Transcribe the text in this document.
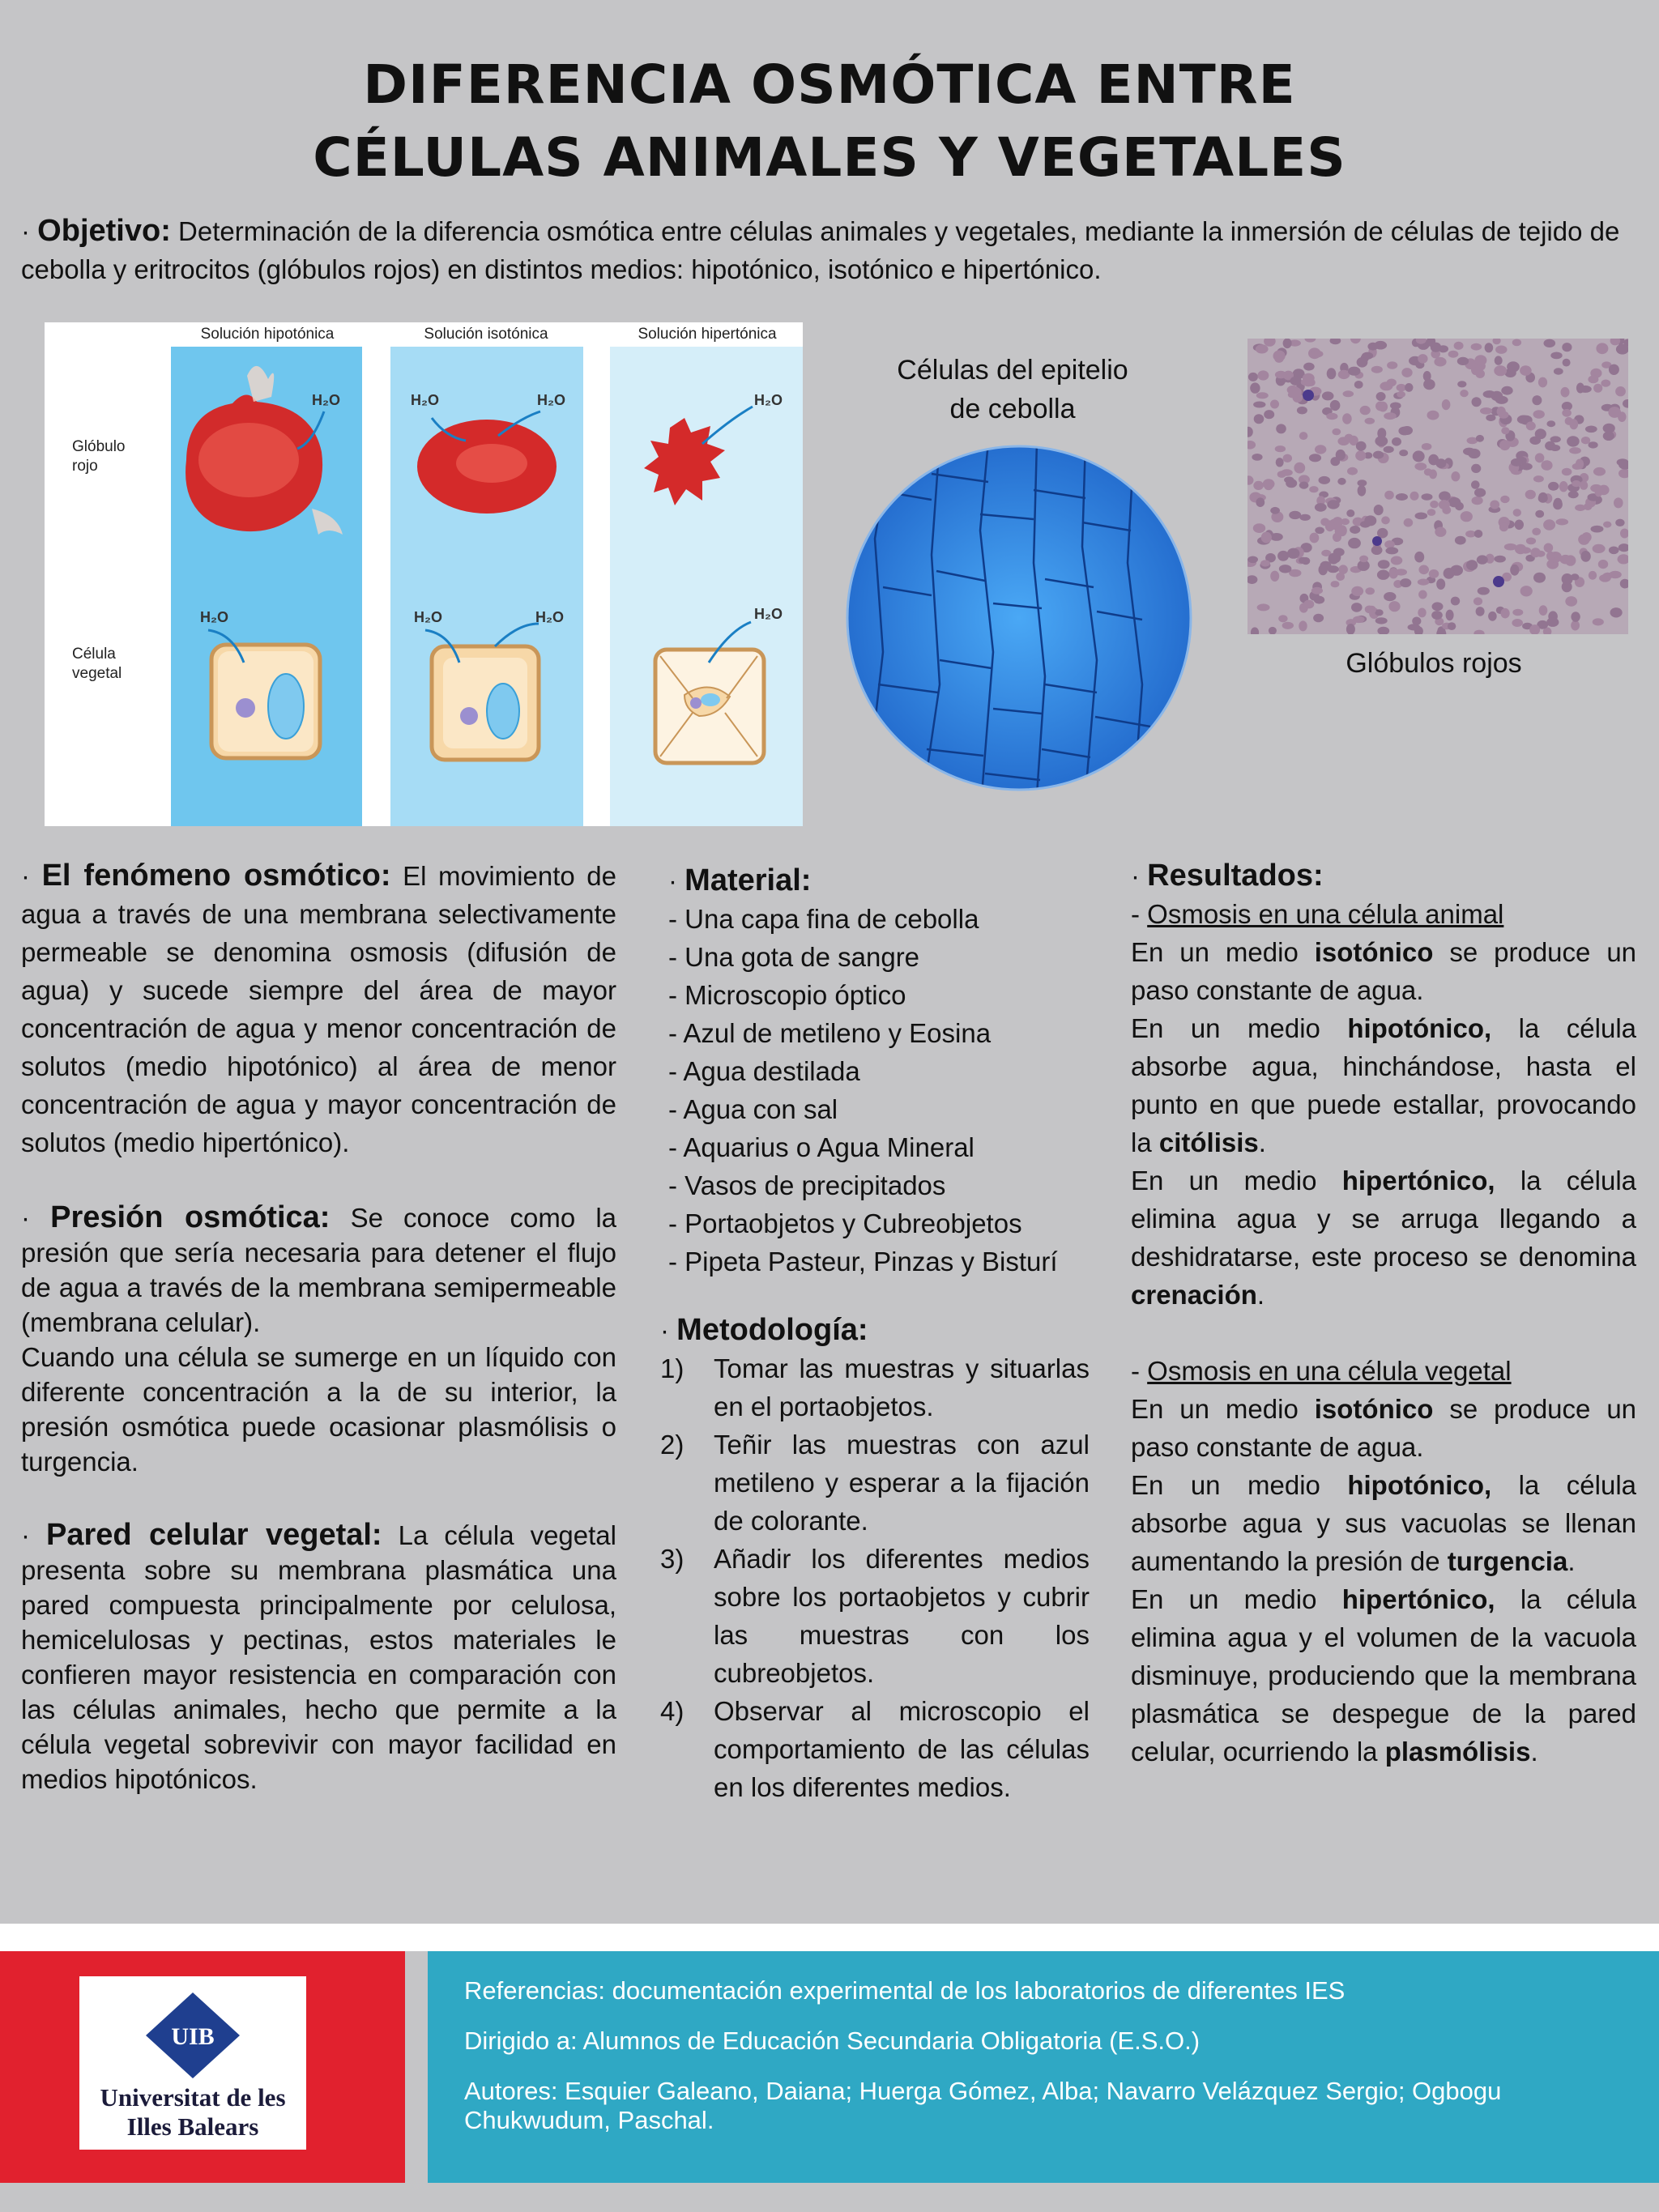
DIFERENCIA OSMÓTICA ENTRE
CÉLULAS ANIMALES Y VEGETALES
· Objetivo: Determinación de la diferencia osmótica entre células animales y vegetales, mediante la inmersión de células de tejido de cebolla y eritrocitos (glóbulos rojos) en distintos medios: hipotónico, isotónico e hipertónico.
Solución hipotónica	Solución isotónica	Solución hipertónica
Glóbulo
rojo
Célula
vegetal
H₂O	H₂O	H₂O	H₂O
H₂O	H₂O	H₂O	H₂O
Células del epitelio
de cebolla
Glóbulos rojos
· El fenómeno osmótico: El movimiento de agua a través de una membrana selectivamente permeable se denomina osmosis (difusión de agua) y sucede siempre del área de mayor concentración de agua y menor concentración de solutos (medio hipotónico) al área de menor concentración de agua y mayor concentración de solutos (medio hipertónico).
· Presión osmótica: Se conoce como la presión que sería necesaria para detener el flujo de agua a través de la membrana semipermeable (membrana celular).
Cuando una célula se sumerge en un líquido con diferente concentración a la de su interior, la presión osmótica puede ocasionar plasmólisis o turgencia.
· Pared celular vegetal: La célula vegetal presenta sobre su membrana plasmática una pared compuesta principalmente por celulosa, hemicelulosas y pectinas, estos materiales le confieren mayor resistencia en comparación con las células animales, hecho que permite a la célula vegetal sobrevivir con mayor facilidad en medios hipotónicos.
· Material:
- Una capa fina de cebolla
- Una gota de sangre
- Microscopio óptico
- Azul de metileno y Eosina
- Agua destilada
- Agua con sal
- Aquarius o Agua Mineral
- Vasos de precipitados
- Portaobjetos y Cubreobjetos
- Pipeta Pasteur, Pinzas y Bisturí
· Metodología:
1)	Tomar las muestras y situarlas en el portaobjetos.
2)	Teñir las muestras con azul metileno y esperar a la fijación de colorante.
3)	Añadir los diferentes medios sobre los portaobjetos y cubrir las muestras con los cubreobjetos.
4)	Observar al microscopio el comportamiento de las células en los diferentes medios.
· Resultados:
- Osmosis en una célula animal
En un medio isotónico se produce un paso constante de agua.
En un medio hipotónico, la célula absorbe agua, hinchándose, hasta el punto en que puede estallar, provocando la citólisis.
En un medio hipertónico, la célula elimina agua y se arruga llegando a deshidratarse, este proceso se denomina crenación.
- Osmosis en una célula vegetal
En un medio isotónico se produce un paso constante de agua.
En un medio hipotónico, la célula absorbe agua y sus vacuolas se llenan aumentando la presión de turgencia.
En un medio hipertónico, la célula elimina agua y el volumen de la vacuola disminuye, produciendo que la membrana plasmática se despegue de la pared celular, ocurriendo la plasmólisis.
UIB
Universitat de les
Illes Balears
Referencias: documentación experimental de los laboratorios de diferentes IES
Dirigido a: Alumnos de Educación Secundaria Obligatoria (E.S.O.)
Autores: Esquier Galeano, Daiana; Huerga Gómez, Alba; Navarro Velázquez Sergio; Ogbogu Chukwudum, Paschal.
